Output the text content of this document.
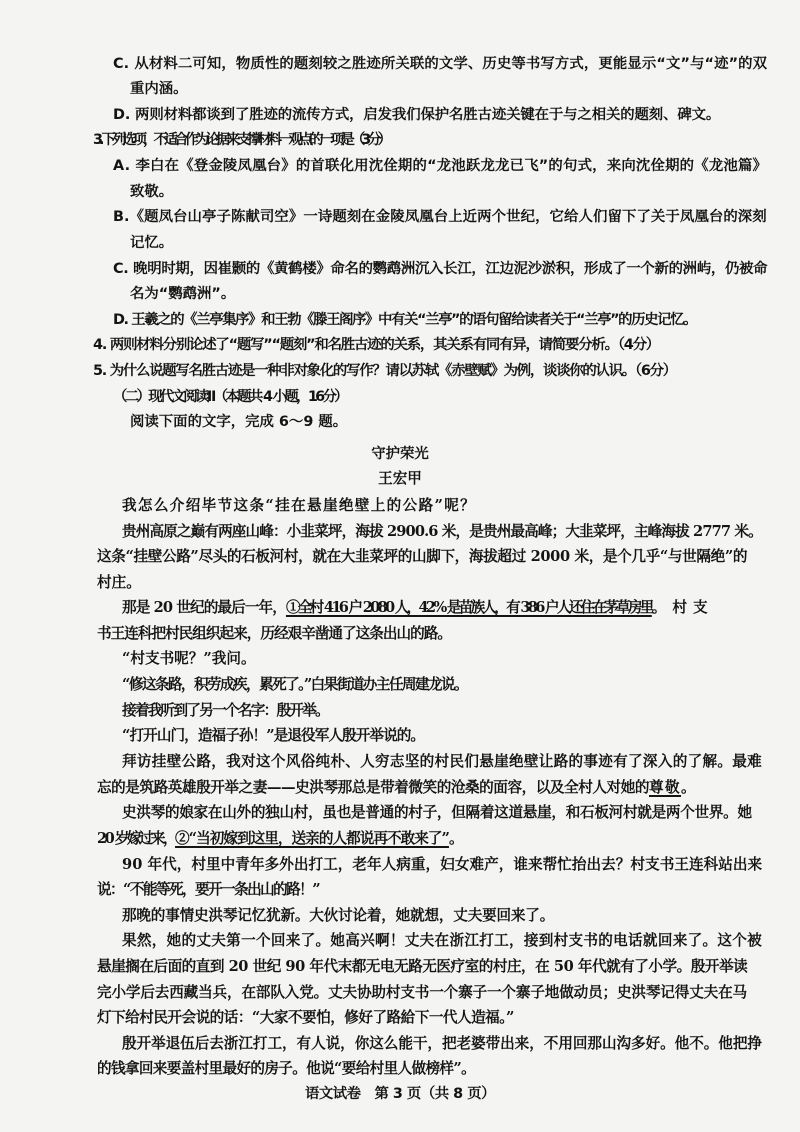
C. 从材料二可知，物质性的题刻较之胜迹所关联的文学、历史等书写方式，更能显示“文”与“迹”的双
重内涵。
D. 两则材料都谈到了胜迹的流传方式，启发我们保护名胜古迹关键在于与之相关的题刻、碑文。
3. 下列选项，不适合作为论据来支撑材料一观点的一项是（3分）
A. 李白在《登金陵凤凰台》的首联化用沈佺期的“龙池跃龙龙已飞”的句式，来向沈佺期的《龙池篇》
致敬。
B.《题凤台山亭子陈献司空》一诗题刻在金陵凤凰台上近两个世纪，它给人们留下了关于凤凰台的深刻
记忆。
C. 晚明时期，因崔颢的《黄鹤楼》命名的鹦鹉洲沉入长江，江边泥沙淤积，形成了一个新的洲屿，仍被命
名为“鹦鹉洲”。
D. 王羲之的《兰亭集序》和王勃《滕王阁序》中有关“兰亭”的语句留给读者关于“兰亭”的历史记忆。
4. 两则材料分别论述了“题写”“题刻”和名胜古迹的关系，其关系有同有异，请简要分析。（4分）
5. 为什么说题写名胜古迹是一种非对象化的写作？请以苏轼《赤壁赋》为例，谈谈你的认识。（6分）
（二）现代文阅读Ⅱ（本题共 4 小题，16分）
阅读下面的文字，完成 6～9 题。
守护荣光
王宏甲
我怎么介绍毕节这条“挂在悬崖绝壁上的公路”呢？
贵州高原之巅有两座山峰：小韭菜坪，海拔 2900.6 米，是贵州最高峰；大韭菜坪，主峰海拔 2777 米。
这条“挂壁公路”尽头的石板河村，就在大韭菜坪的山脚下，海拔超过 2000 米，是个几乎“与世隔绝”的
村庄。
那是 20 世纪的最后一年，①全村 416 户 2080 人，42% 是苗族人，有 386 户人还住在茅草房里。村支
书王连科把村民组织起来，历经艰辛凿通了这条出山的路。
“村支书呢？”我问。
“修这条路，积劳成疾，累死了。”白果街道办主任周建龙说。
接着我听到了另一个名字：殷开举。
“打开山门，造福子孙！”是退役军人殷开举说的。
拜访挂壁公路，我对这个风俗纯朴、人穷志坚的村民们悬崖绝壁让路的事迹有了深入的了解。最难
忘的是筑路英雄殷开举之妻——史洪琴那总是带着微笑的沧桑的面容，以及全村人对她的尊敬。
史洪琴的娘家在山外的独山村，虽也是普通的村子，但隔着这道悬崖，和石板河村就是两个世界。她
20 岁嫁过来，②“当初嫁到这里，送亲的人都说再不敢来了”。
90 年代，村里中青年多外出打工，老年人病重，妇女难产，谁来帮忙抬出去？村支书王连科站出来
说：“不能等死，要开一条出山的路！”
那晚的事情史洪琴记忆犹新。大伙讨论着，她就想，丈夫要回来了。
果然，她的丈夫第一个回来了。她高兴啊！丈夫在浙江打工，接到村支书的电话就回来了。这个被
悬崖搁在后面的直到 20 世纪 90 年代末都无电无路无医疗室的村庄，在 50 年代就有了小学。殷开举读
完小学后去西藏当兵，在部队入党。丈夫协助村支书一个寨子一个寨子地做动员；史洪琴记得丈夫在马
灯下给村民开会说的话：“大家不要怕，修好了路給下一代人造福。”
殷开举退伍后去浙江打工，有人说，你这么能干，把老婆带出来，不用回那山沟多好。他不。他把挣
的钱拿回来要盖村里最好的房子。他说“要给村里人做榜样”。
语文试卷　第 3 页（共 8 页）
